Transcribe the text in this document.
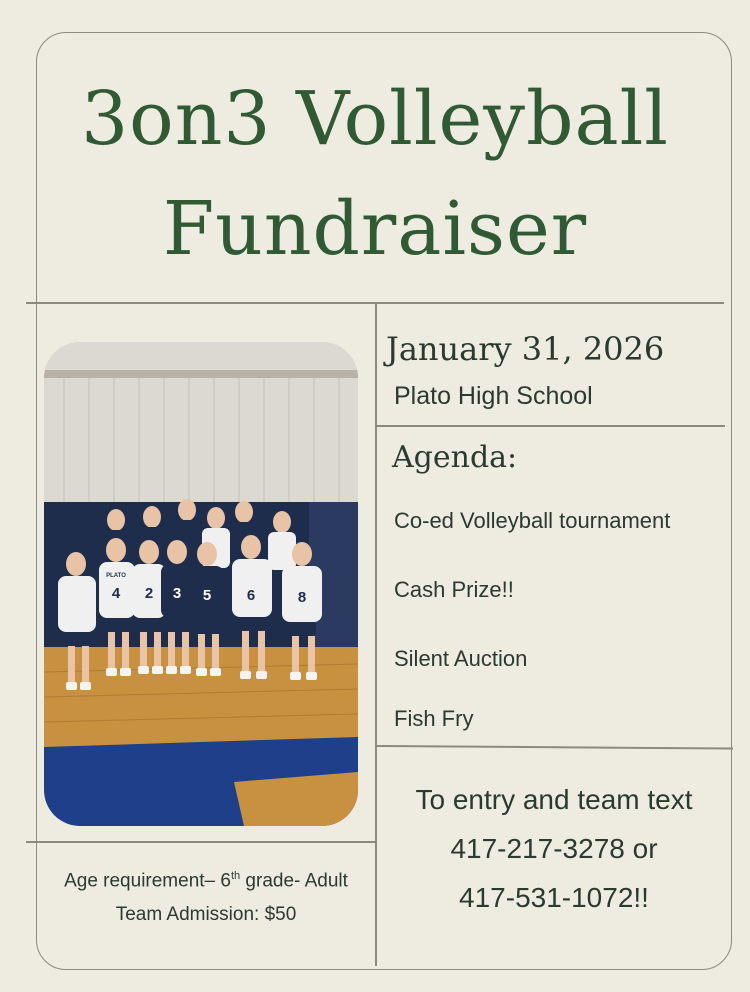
3on3 Volleyball
Fundraiser
PLATO
4 2 3 5 6	8
January 31, 2026
Plato High School
Agenda:
Co-ed Volleyball tournament
Cash Prize!!
Silent Auction
Fish Fry
To entry and team text
417-217-3278 or
417-531-1072!!
Age requirement– 6th grade- Adult
Team Admission: $50
